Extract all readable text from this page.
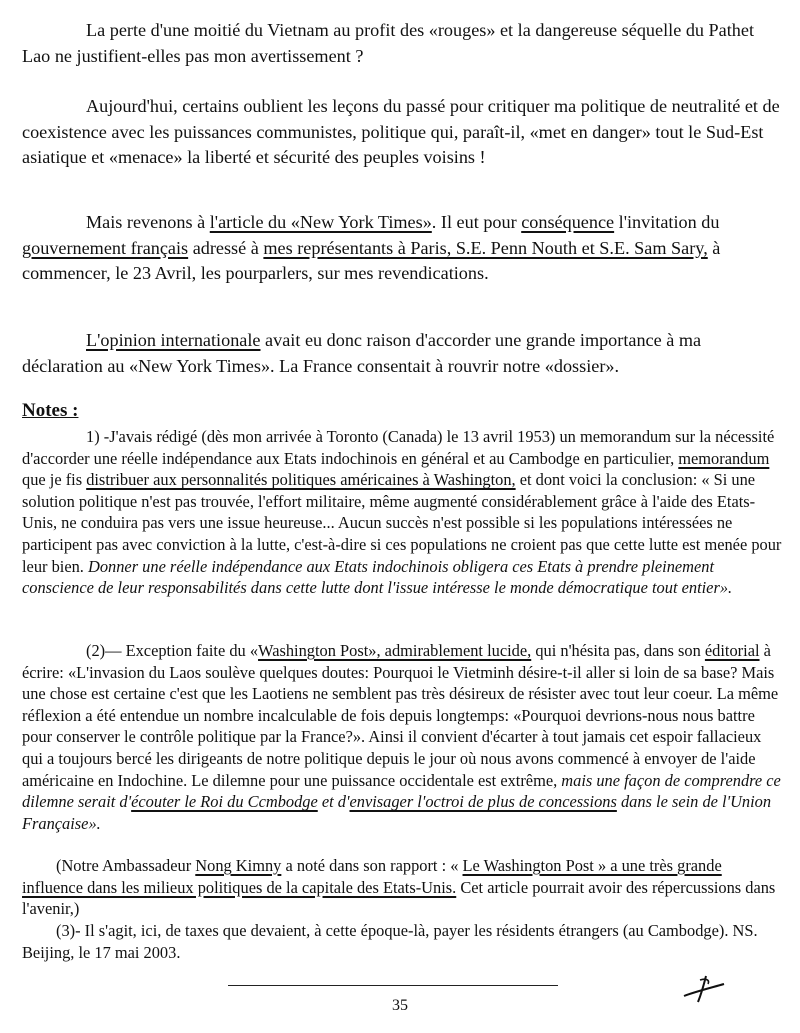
La perte d'une moitié du Vietnam au profit des «rouges» et la dangereuse séquelle du Pathet Lao ne justifient-elles pas mon avertissement ?

Aujourd'hui, certains oublient les leçons du passé pour critiquer ma politique de neutralité et de coexistence avec les puissances communistes, politique qui, paraît-il, «met en danger» tout le Sud-Est asiatique et «menace» la liberté et sécurité des peuples voisins !

Mais revenons à l'article du «New York Times». Il eut pour conséquence l'invitation du gouvernement français adressé à mes représentants à Paris, S.E. Penn Nouth et S.E. Sam Sary, à commencer, le 23 Avril, les pourparlers, sur mes revendications.

L'opinion internationale avait eu donc raison d'accorder une grande importance à ma déclaration au «New York Times». La France consentait à rouvrir notre «dossier».

Notes :

1) -J'avais rédigé (dès mon arrivée à Toronto (Canada) le 13 avril 1953) un memorandum sur la nécessité d'accorder une réelle indépendance aux Etats indochinois en général et au Cambodge en particulier, memorandum que je fis distribuer aux personnalités politiques américaines à Washington, et dont voici la conclusion: « Si une solution politique n'est pas trouvée, l'effort militaire, même augmenté considérablement grâce à l'aide des Etats-Unis, ne conduira pas vers une issue heureuse... Aucun succès n'est possible si les populations intéressées ne participent pas avec conviction à la lutte, c'est-à-dire si ces populations ne croient pas que cette lutte est menée pour leur bien. Donner une réelle indépendance aux Etats indochinois obligera ces Etats à prendre pleinement conscience de leur responsabilités dans cette lutte dont l'issue intéresse le monde démocratique tout entier».

(2)— Exception faite du «Washington Post», admirablement lucide, qui n'hésita pas, dans son éditorial à écrire: «L'invasion du Laos soulève quelques doutes: Pourquoi le Vietminh désire-t-il aller si loin de sa base? Mais une chose est certaine c'est que les Laotiens ne semblent pas très désireux de résister avec tout leur coeur. La même réflexion a été entendue un nombre incalculable de fois depuis longtemps: «Pourquoi devrions-nous nous battre pour conserver le contrôle politique par la France?». Ainsi il convient d'écarter à tout jamais cet espoir fallacieux qui a toujours bercé les dirigeants de notre politique depuis le jour où nous avons commencé à envoyer de l'aide américaine en Indochine. Le dilemne pour une puissance occidentale est extrême, mais une façon de comprendre ce dilemne serait d'écouter le Roi du Ccmbodge et d'envisager l'octroi de plus de concessions dans le sein de l'Union Française».

(Notre Ambassadeur Nong Kimny a noté dans son rapport : « Le Washington Post » a une très grande influence dans les milieux politiques de la capitale des Etats-Unis. Cet article pourrait avoir des répercussions dans l'avenir,)

(3)- Il s'agit, ici, de taxes que devaient, à cette époque-là, payer les résidents étrangers (au Cambodge). NS. Beijing, le 17 mai 2003.

35
